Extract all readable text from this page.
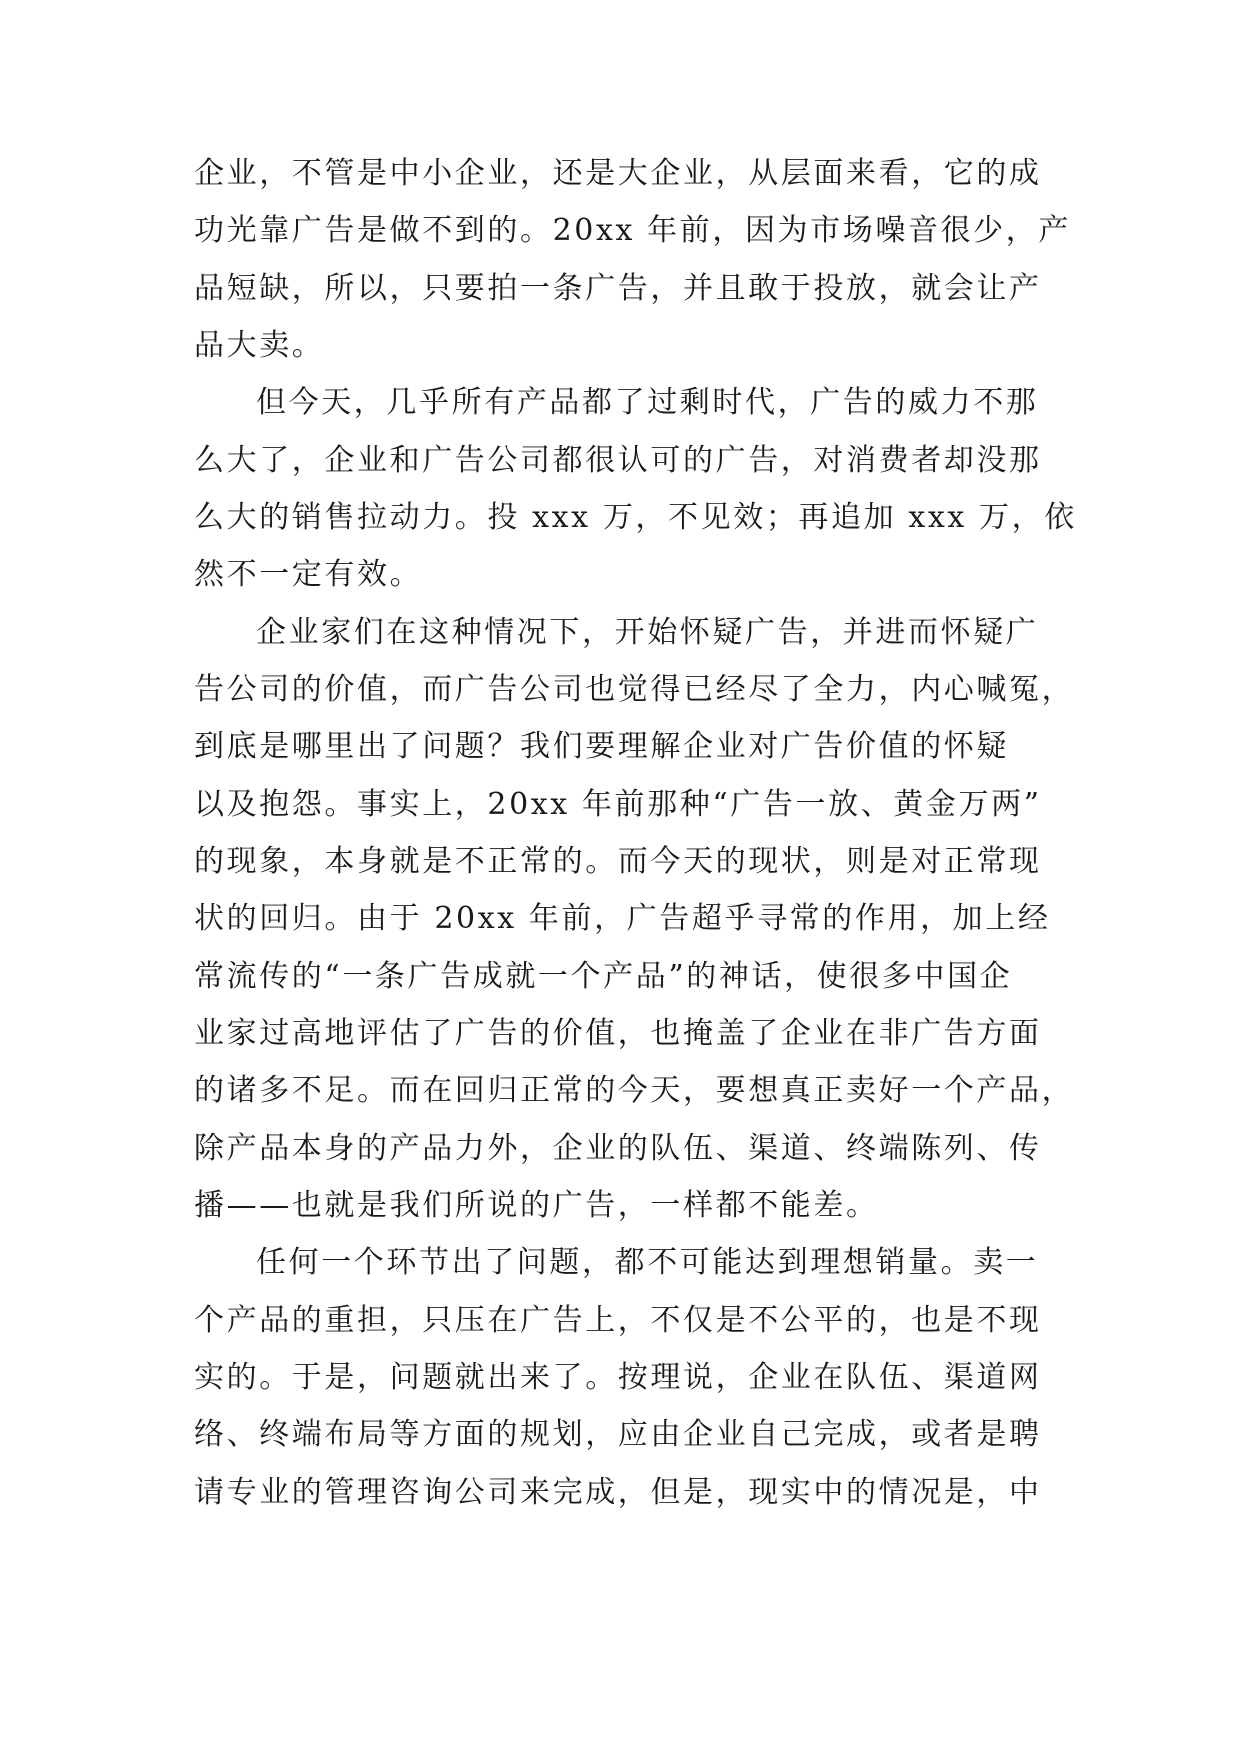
企业，不管是中小企业，还是大企业，从层面来看，它的成
功光靠广告是做不到的。20xx 年前，因为市场噪音很少，产
品短缺，所以，只要拍一条广告，并且敢于投放，就会让产
品大卖。
但今天，几乎所有产品都了过剩时代，广告的威力不那
么大了，企业和广告公司都很认可的广告，对消费者却没那
么大的销售拉动力。投 xxx 万，不见效；再追加 xxx 万，依
然不一定有效。
企业家们在这种情况下，开始怀疑广告，并进而怀疑广
告公司的价值，而广告公司也觉得已经尽了全力，内心喊冤，
到底是哪里出了问题？我们要理解企业对广告价值的怀疑
以及抱怨。事实上，20xx 年前那种“广告一放、黄金万两”
的现象，本身就是不正常的。而今天的现状，则是对正常现
状的回归。由于 20xx 年前，广告超乎寻常的作用，加上经
常流传的“一条广告成就一个产品”的神话，使很多中国企
业家过高地评估了广告的价值，也掩盖了企业在非广告方面
的诸多不足。而在回归正常的今天，要想真正卖好一个产品，
除产品本身的产品力外，企业的队伍、渠道、终端陈列、传
播——也就是我们所说的广告，一样都不能差。
任何一个环节出了问题，都不可能达到理想销量。卖一
个产品的重担，只压在广告上，不仅是不公平的，也是不现
实的。于是，问题就出来了。按理说，企业在队伍、渠道网
络、终端布局等方面的规划，应由企业自己完成，或者是聘
请专业的管理咨询公司来完成，但是，现实中的情况是，中
